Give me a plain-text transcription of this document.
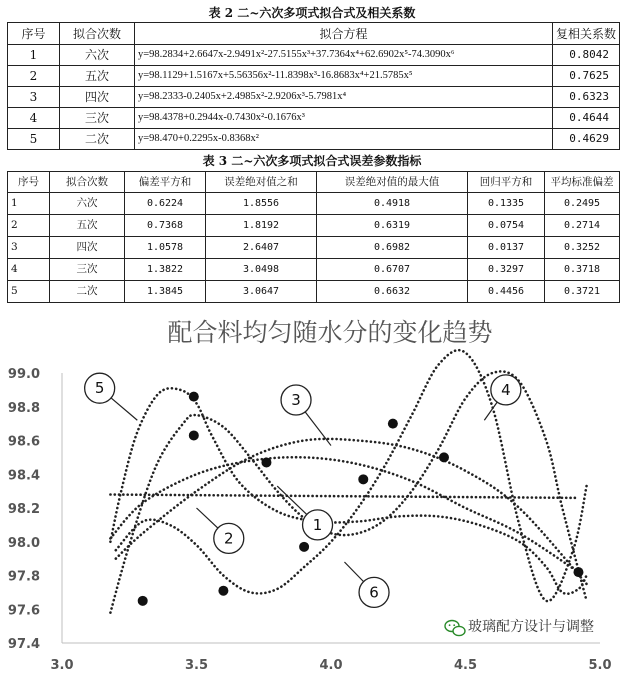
表 2 二~六次多项式拟合式及相关系数
序号	拟合次数	拟合方程	复相关系数
1	六次	y=98.2834+2.6647x-2.9491x²-27.5155x³+37.7364x⁴+62.6902x⁵-74.3090x⁶	0.8042
2	五次	y=98.1129+1.5167x+5.56356x²-11.8398x³-16.8683x⁴+21.5785x⁵	0.7625
3	四次	y=98.2333-0.2405x+2.4985x²-2.9206x³-5.7981x⁴	0.6323
4	三次	y=98.4378+0.2944x-0.7430x²-0.1676x³	0.4644
5	二次	y=98.470+0.2295x-0.8368x²	0.4629
表 3 二~六次多项式拟合式误差参数指标
序号	拟合次数	偏差平方和	误差绝对值之和	误差绝对值的最大值	回归平方和	平均标准偏差
1	六次	0.6224	1.8556	0.4918	0.1335	0.2495
2	五次	0.7368	1.8192	0.6319	0.0754	0.2714
3	四次	1.0578	2.6407	0.6982	0.0137	0.3252
4	三次	1.3822	3.0498	0.6707	0.3297	0.3718
5	二次	1.3845	3.0647	0.6632	0.4456	0.3721
配合料均匀随水分的变化趋势
97.4
97.6
97.8
98.0
98.2
98.4
98.6
98.8
99.0
3.0	3.5	4.0	4.5	5.0
1
2
3
4
5
6
玻璃配方设计与调整
